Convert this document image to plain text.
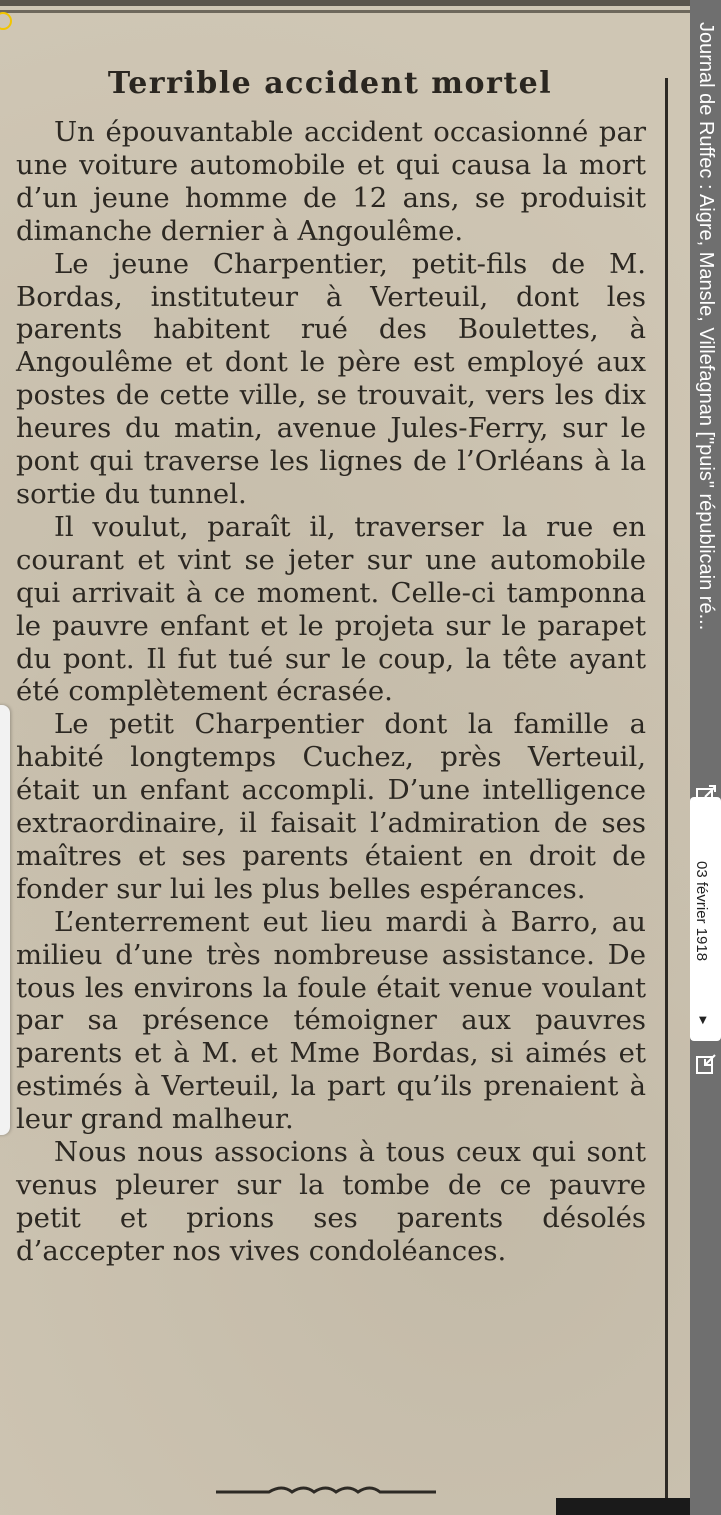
Terrible accident mortel

Un épouvantable accident occasionné par une voiture automobile et qui causa la mort d’un jeune homme de 12 ans, se produisit dimanche dernier à Angoulême.

Le jeune Charpentier, petit-fils de M. Bordas, instituteur à Verteuil, dont les parents habitent rué des Boulettes, à Angoulême et dont le père est employé aux postes de cette ville, se trouvait, vers les dix heures du matin, avenue Jules-Ferry, sur le pont qui traverse les lignes de l’Orléans à la sortie du tunnel.

Il voulut, paraît il, traverser la rue en courant et vint se jeter sur une automobile qui arrivait à ce moment. Celle-ci tamponna le pauvre enfant et le projeta sur le parapet du pont. Il fut tué sur le coup, la tête ayant été complètement écrasée.

Le petit Charpentier dont la famille a habité longtemps Cuchez, près Verteuil, était un enfant accompli. D’une intelligence extraordinaire, il faisait l’admiration de ses maîtres et ses parents étaient en droit de fonder sur lui les plus belles espérances.

L’enterrement eut lieu mardi à Barro, au milieu d’une très nombreuse assistance. De tous les environs la foule était venue voulant par sa présence témoigner aux pauvres parents et à M. et Mme Bordas, si aimés et estimés à Verteuil, la part qu’ils prenaient à leur grand malheur.

Nous nous associons à tous ceux qui sont venus pleurer sur la tombe de ce pauvre petit et prions ses parents désolés d’accepter nos vives condoléances.

Journal de Ruffec : Aigre, Mansle, Villefagnan ["puis" républicain ré...
03 février 1918
▼
